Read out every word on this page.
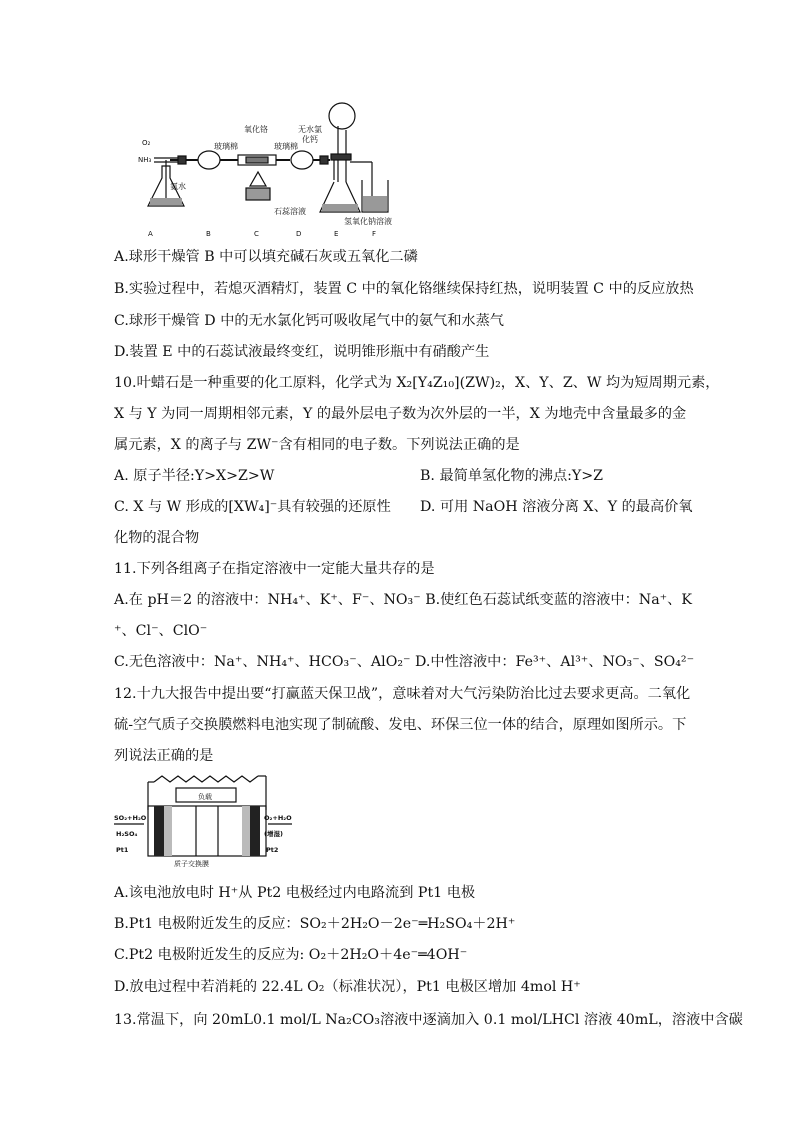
O₂
NH₃
氨水
玻璃棉
氧化铬
玻璃棉
无水氯
化钙
石蕊溶液
氢氧化钠溶液
A	B	C	D	E	F
A.球形干燥管 B 中可以填充碱石灰或五氧化二磷
B.实验过程中，若熄灭酒精灯，装置 C 中的氧化铬继续保持红热，说明装置 C 中的反应放热
C.球形干燥管 D 中的无水氯化钙可吸收尾气中的氨气和水蒸气
D.装置 E 中的石蕊试液最终变红，说明锥形瓶中有硝酸产生
10.叶蜡石是一种重要的化工原料，化学式为 X₂[Y₄Z₁₀](ZW)₂，X、Y、Z、W 均为短周期元素，
X 与 Y 为同一周期相邻元素，Y 的最外层电子数为次外层的一半，X 为地壳中含量最多的金
属元素，X 的离子与 ZW⁻含有相同的电子数。下列说法正确的是
A. 原子半径:Y>X>Z>W	B. 最简单氢化物的沸点:Y>Z
C. X 与 W 形成的[XW₄]⁻具有较强的还原性 D. 可用 NaOH 溶液分离 X、Y 的最高价氧
化物的混合物
11.下列各组离子在指定溶液中一定能大量共存的是
A.在 pH＝2 的溶液中：NH₄⁺、K⁺、F⁻、NO₃⁻ B.使红色石蕊试纸变蓝的溶液中：Na⁺、K
⁺、Cl⁻、ClO⁻
C.无色溶液中：Na⁺、NH₄⁺、HCO₃⁻、AlO₂⁻ D.中性溶液中：Fe³⁺、Al³⁺、NO₃⁻、SO₄²⁻
12.十九大报告中提出要“打赢蓝天保卫战”，意味着对大气污染防治比过去要求更高。二氧化
硫-空气质子交换膜燃料电池实现了制硫酸、发电、环保三位一体的结合，原理如图所示。下
列说法正确的是
负载
SO₂+H₂O
H₂SO₄
Pt1
O₂+H₂O
(增湿)
Pt2
质子交换膜
A.该电池放电时 H⁺从 Pt2 电极经过内电路流到 Pt1 电极
B.Pt1 电极附近发生的反应：SO₂＋2H₂O－2e⁻═H₂SO₄＋2H⁺
C.Pt2 电极附近发生的反应为: O₂＋2H₂O＋4e⁻═4OH⁻
D.放电过程中若消耗的 22.4L O₂（标准状况），Pt1 电极区增加 4mol H⁺
13.常温下，向 20mL0.1 mol/L Na₂CO₃溶液中逐滴加入 0.1 mol/LHCl 溶液 40mL，溶液中含碳
